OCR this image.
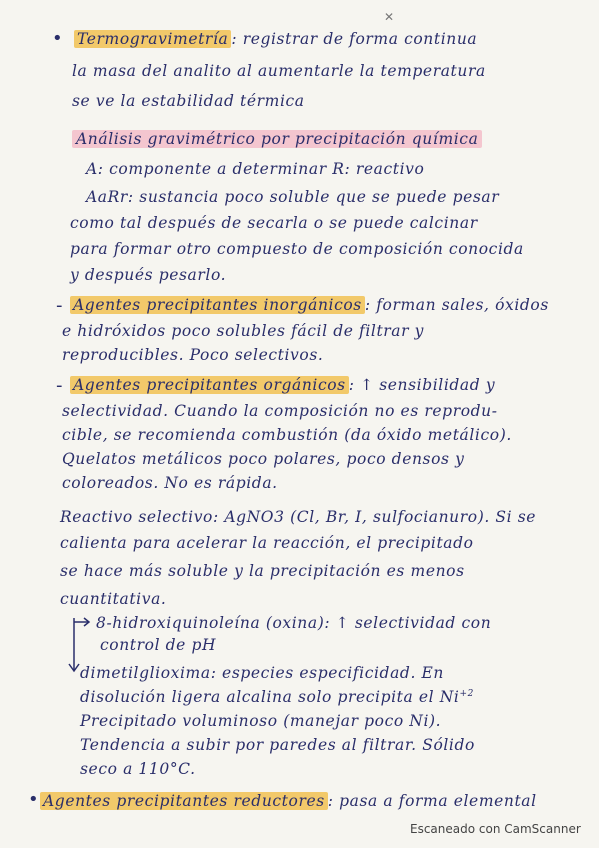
✕
• Termogravimetría : registrar de forma continua
la masa del analito al aumentarle la temperatura
se ve la estabilidad térmica
Análisis gravimétrico por precipitación química
A: componente a determinar R: reactivo
AaRr: sustancia poco soluble que se puede pesar
como tal después de secarla o se puede calcinar
para formar otro compuesto de composición conocida
y después pesarlo.
- Agentes precipitantes inorgánicos : forman sales, óxidos
e hidróxidos poco solubles fácil de filtrar y
reproducibles. Poco selectivos.
- Agentes precipitantes orgánicos : ↑ sensibilidad y
selectividad. Cuando la composición no es reprodu-
cible, se recomienda combustión (da óxido metálico).
Quelatos metálicos poco polares, poco densos y
coloreados. No es rápida.
Reactivo selectivo: AgNO3 (Cl, Br, I, sulfocianuro). Si se
calienta para acelerar la reacción, el precipitado
se hace más soluble y la precipitación es menos
cuantitativa.
8-hidroxiquinoleína (oxina): ↑ selectividad con
control de pH
dimetilglioxima: especies especificidad. En
disolución ligera alcalina solo precipita el $Ni^{+2}$
Precipitado voluminoso (manejar poco Ni).
Tendencia a subir por paredes al filtrar. Sólido
seco a 110°C.
• Agentes precipitantes reductores : pasa a forma elemental
Escaneado con CamScanner
